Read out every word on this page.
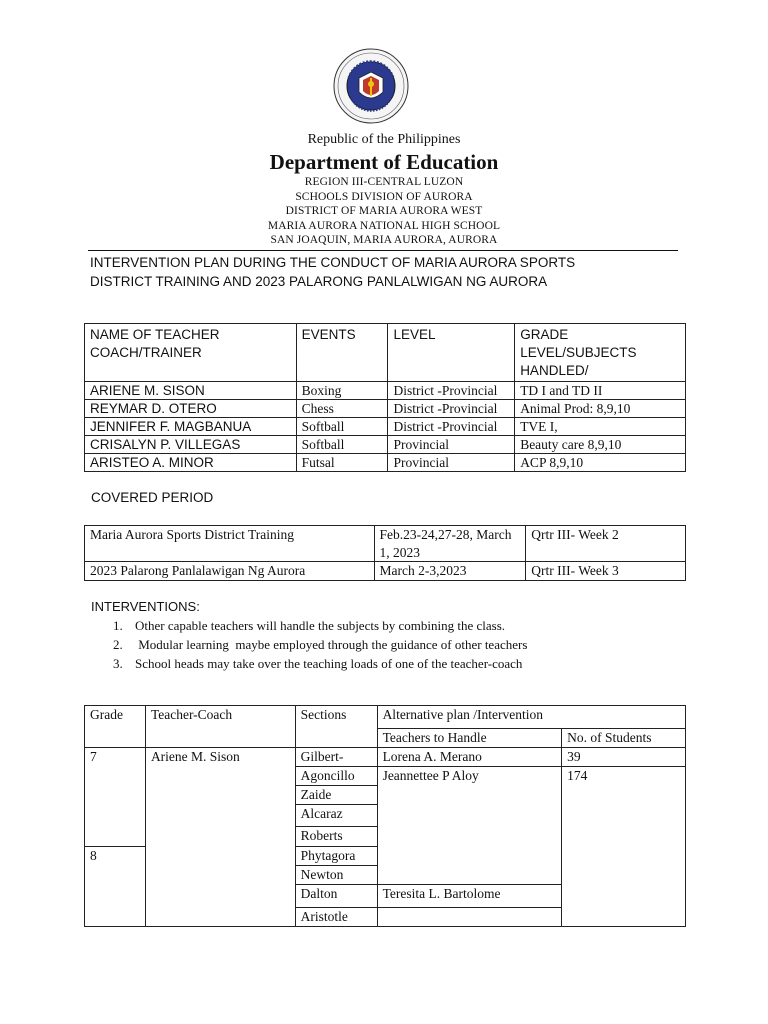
Republic of the Philippines
Department of Education
REGION III-CENTRAL LUZON
SCHOOLS DIVISION OF AURORA
DISTRICT OF MARIA AURORA WEST
MARIA AURORA NATIONAL HIGH SCHOOL
SAN JOAQUIN, MARIA AURORA, AURORA
INTERVENTION PLAN DURING THE CONDUCT OF MARIA AURORA SPORTS
DISTRICT TRAINING AND 2023 PALARONG PANLALWIGAN NG AURORA
NAME OF TEACHER COACH/TRAINER	EVENTS	LEVEL	GRADE LEVEL/SUBJECTS HANDLED/
ARIENE M. SISON	Boxing	District -Provincial	TD I and TD II
REYMAR D. OTERO	Chess	District -Provincial	Animal Prod: 8,9,10
JENNIFER F. MAGBANUA	Softball	District -Provincial	TVE I,
CRISALYN P. VILLEGAS	Softball	Provincial	Beauty care 8,9,10
ARISTEO A. MINOR	Futsal	Provincial	ACP 8,9,10
COVERED PERIOD
Maria Aurora Sports District Training	Feb.23-24,27-28, March 1, 2023	Qrtr III- Week 2
2023 Palarong Panlalawigan Ng Aurora	March 2-3,2023	Qrtr III- Week 3
INTERVENTIONS:
1. Other capable teachers will handle the subjects by combining the class.
2. Modular learning  maybe employed through the guidance of other teachers
3. School heads may take over the teaching loads of one of the teacher-coach
Grade	Teacher-Coach	Sections	Alternative plan /Intervention	
			Teachers to Handle	No. of Students
7	Ariene M. Sison	Gilbert-	Lorena A. Merano	39
		Agoncillo	Jeannettee P Aloy	174
		Zaide		
		Alcaraz		
		Roberts		
8		Phytagora		
		Newton		
		Dalton	Teresita L. Bartolome	
		Aristotle		
